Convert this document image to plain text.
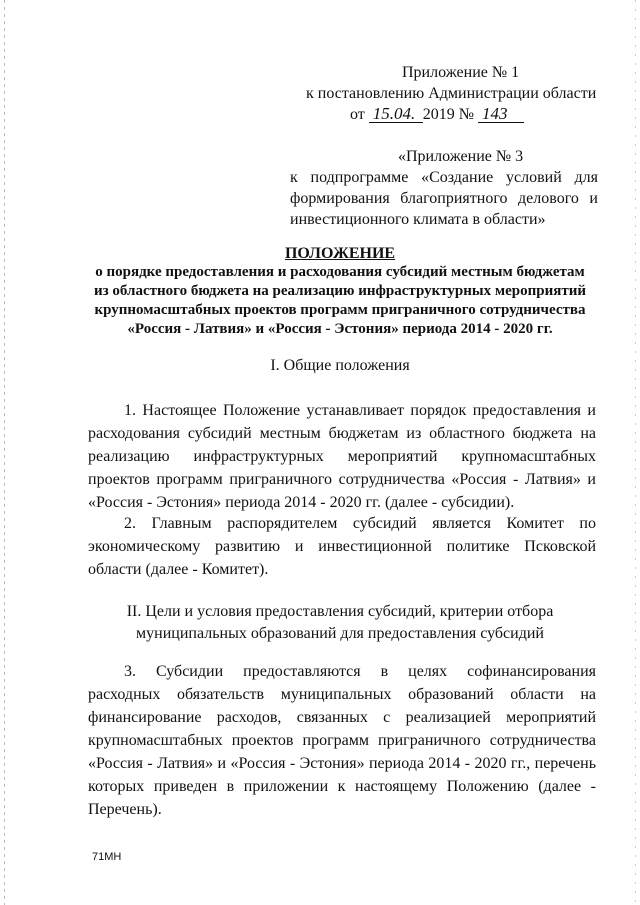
Приложение № 1
к постановлению Администрации области
от 15.04. 2019 № 143
«Приложение № 3
к подпрограмме «Создание условий для
формирования благоприятного делового и
инвестиционного климата в области»
ПОЛОЖЕНИЕ
о порядке предоставления и расходования субсидий местным бюджетам
из областного бюджета на реализацию инфраструктурных мероприятий
крупномасштабных проектов программ приграничного сотрудничества
«Россия - Латвия» и «Россия - Эстония» периода 2014 - 2020 гг.
I. Общие положения
1. Настоящее Положение устанавливает порядок предоставления и
расходования субсидий местным бюджетам из областного бюджета на
реализацию инфраструктурных мероприятий крупномасштабных
проектов программ приграничного сотрудничества «Россия - Латвия» и
«Россия - Эстония» периода 2014 - 2020 гг. (далее - субсидии).
2. Главным распорядителем субсидий является Комитет по
экономическому развитию и инвестиционной политике Псковской
области (далее - Комитет).
II. Цели и условия предоставления субсидий, критерии отбора
муниципальных образований для предоставления субсидий
3. Субсидии предоставляются в целях софинансирования
расходных обязательств муниципальных образований области на
финансирование расходов, связанных с реализацией мероприятий
крупномасштабных проектов программ приграничного сотрудничества
«Россия - Латвия» и «Россия - Эстония» периода 2014 - 2020 гг., перечень
которых приведен в приложении к настоящему Положению (далее -
Перечень).
71МН
